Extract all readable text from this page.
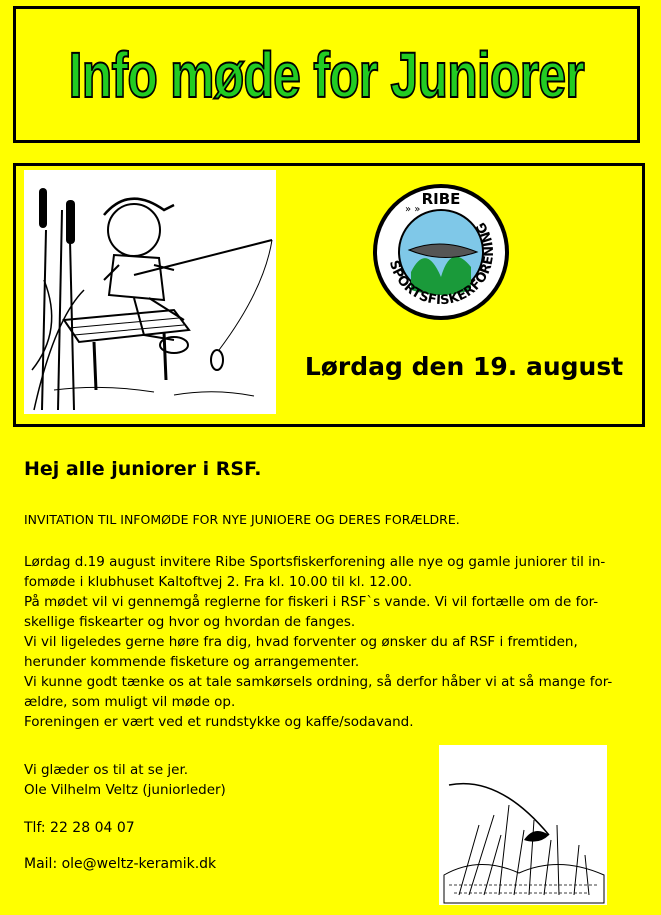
Info møde for Juniorer
SPORTSFISKERFORENING
RIBE
» »
Lørdag den 19. august
Hej alle juniorer i RSF.
INVITATION TIL INFOMØDE FOR NYE JUNIOERE OG DERES FORÆLDRE.
Lørdag d.19 august invitere Ribe Sportsfiskerforening alle nye og gamle juniorer til in-
fomøde i klubhuset Kaltoftvej 2. Fra kl. 10.00 til kl. 12.00.
På mødet vil vi gennemgå reglerne for fiskeri i RSF`s vande. Vi vil fortælle om de for-
skellige fiskearter og hvor og hvordan de fanges.
Vi vil ligeledes gerne høre fra dig, hvad forventer og ønsker du af RSF i fremtiden,
herunder kommende fisketure og arrangementer.
Vi kunne godt tænke os at tale samkørsels ordning, så derfor håber vi at så mange for-
ældre, som muligt vil møde op.
Foreningen er vært ved et rundstykke og kaffe/sodavand.
Vi glæder os til at se jer.
Ole Vilhelm Veltz (juniorleder)
Tlf: 22 28 04 07
Mail: ole@weltz-keramik.dk
